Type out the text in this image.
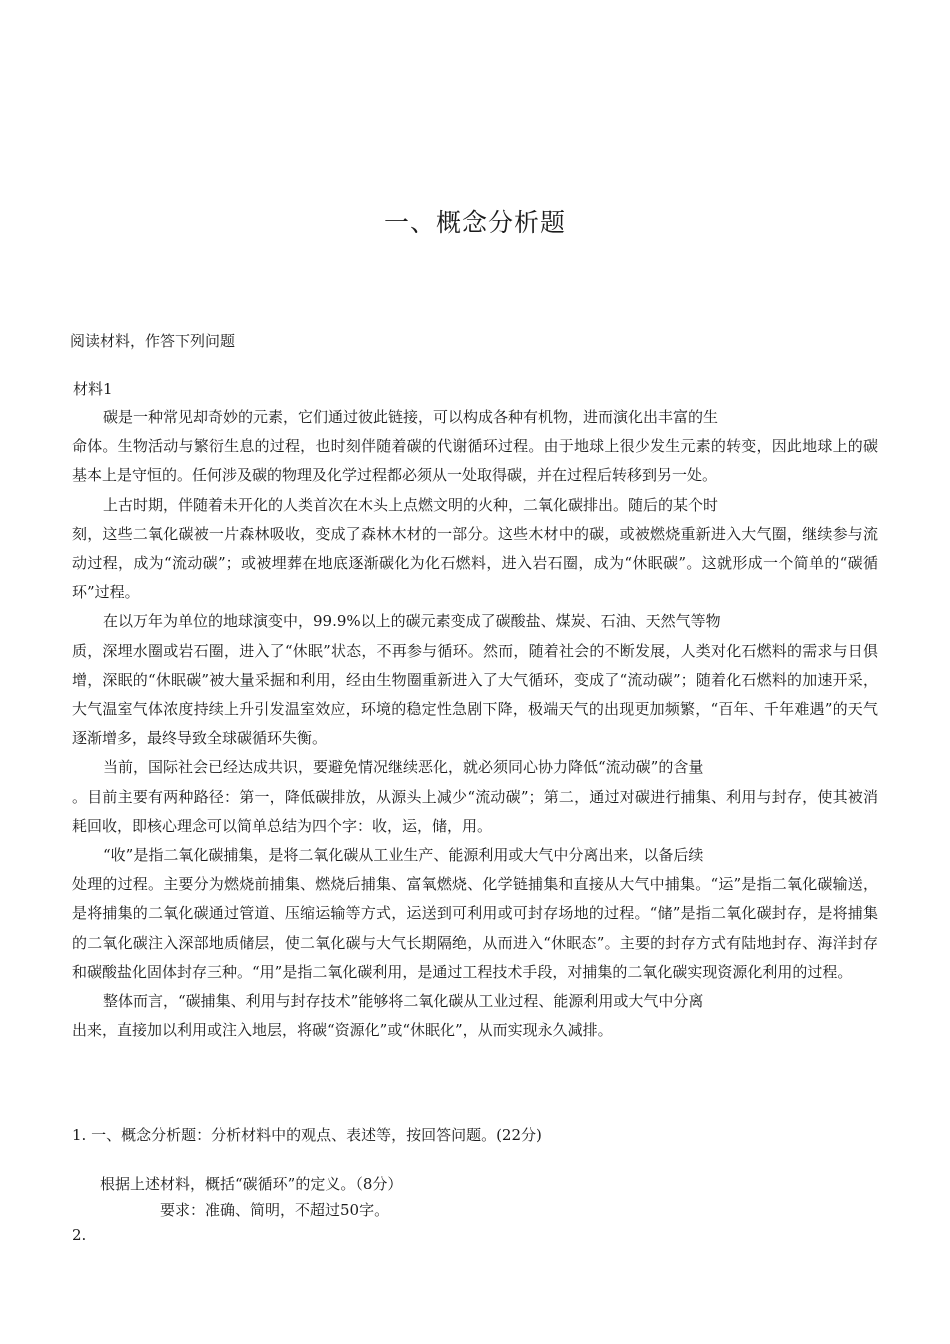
一、概念分析题
阅读材料，作答下列问题
材料1

碳是一种常见却奇妙的元素，它们通过彼此链接，可以构成各种有机物，进而演化出丰富的生

命体。生物活动与繁衍生息的过程，也时刻伴随着碳的代谢循环过程。由于地球上很少发生元素的转变，因此地球上的碳基本上是守恒的。任何涉及碳的物理及化学过程都必须从一处取得碳，并在过程后转移到另一处。

上古时期，伴随着未开化的人类首次在木头上点燃文明的火种，二氧化碳排出。随后的某个时

刻，这些二氧化碳被一片森林吸收，变成了森林木材的一部分。这些木材中的碳，或被燃烧重新进入大气圈，继续参与流动过程，成为“流动碳”；或被埋葬在地底逐渐碳化为化石燃料，进入岩石圈，成为“休眠碳”。这就形成一个简单的“碳循环”过程。

在以万年为单位的地球演变中，99.9%以上的碳元素变成了碳酸盐、煤炭、石油、天然气等物

质，深埋水圈或岩石圈，进入了“休眠”状态，不再参与循环。然而，随着社会的不断发展，人类对化石燃料的需求与日俱增，深眠的“休眠碳”被大量采掘和利用，经由生物圈重新进入了大气循环，变成了“流动碳”；随着化石燃料的加速开采，大气温室气体浓度持续上升引发温室效应，环境的稳定性急剧下降，极端天气的出现更加频繁，“百年、千年难遇”的天气逐渐增多，最终导致全球碳循环失衡。

当前，国际社会已经达成共识，要避免情况继续恶化，就必须同心协力降低“流动碳”的含量

。目前主要有两种路径：第一，降低碳排放，从源头上减少“流动碳”；第二，通过对碳进行捕集、利用与封存，使其被消耗回收，即核心理念可以简单总结为四个字：收，运，储，用。

“收”是指二氧化碳捕集，是将二氧化碳从工业生产、能源利用或大气中分离出来，以备后续

处理的过程。主要分为燃烧前捕集、燃烧后捕集、富氧燃烧、化学链捕集和直接从大气中捕集。“运”是指二氧化碳输送，是将捕集的二氧化碳通过管道、压缩运输等方式，运送到可利用或可封存场地的过程。“储”是指二氧化碳封存，是将捕集的二氧化碳注入深部地质储层，使二氧化碳与大气长期隔绝，从而进入“休眠态”。主要的封存方式有陆地封存、海洋封存和碳酸盐化固体封存三种。“用”是指二氧化碳利用，是通过工程技术手段，对捕集的二氧化碳实现资源化利用的过程。

整体而言，“碳捕集、利用与封存技术”能够将二氧化碳从工业过程、能源利用或大气中分离

出来，直接加以利用或注入地层，将碳“资源化”或“休眠化”，从而实现永久减排。

1. 一、概念分析题：分析材料中的观点、表述等，按回答问题。(22分)
根据上述材料，概括“碳循环”的定义。（8分）
要求：准确、简明，不超过50字。
2.
